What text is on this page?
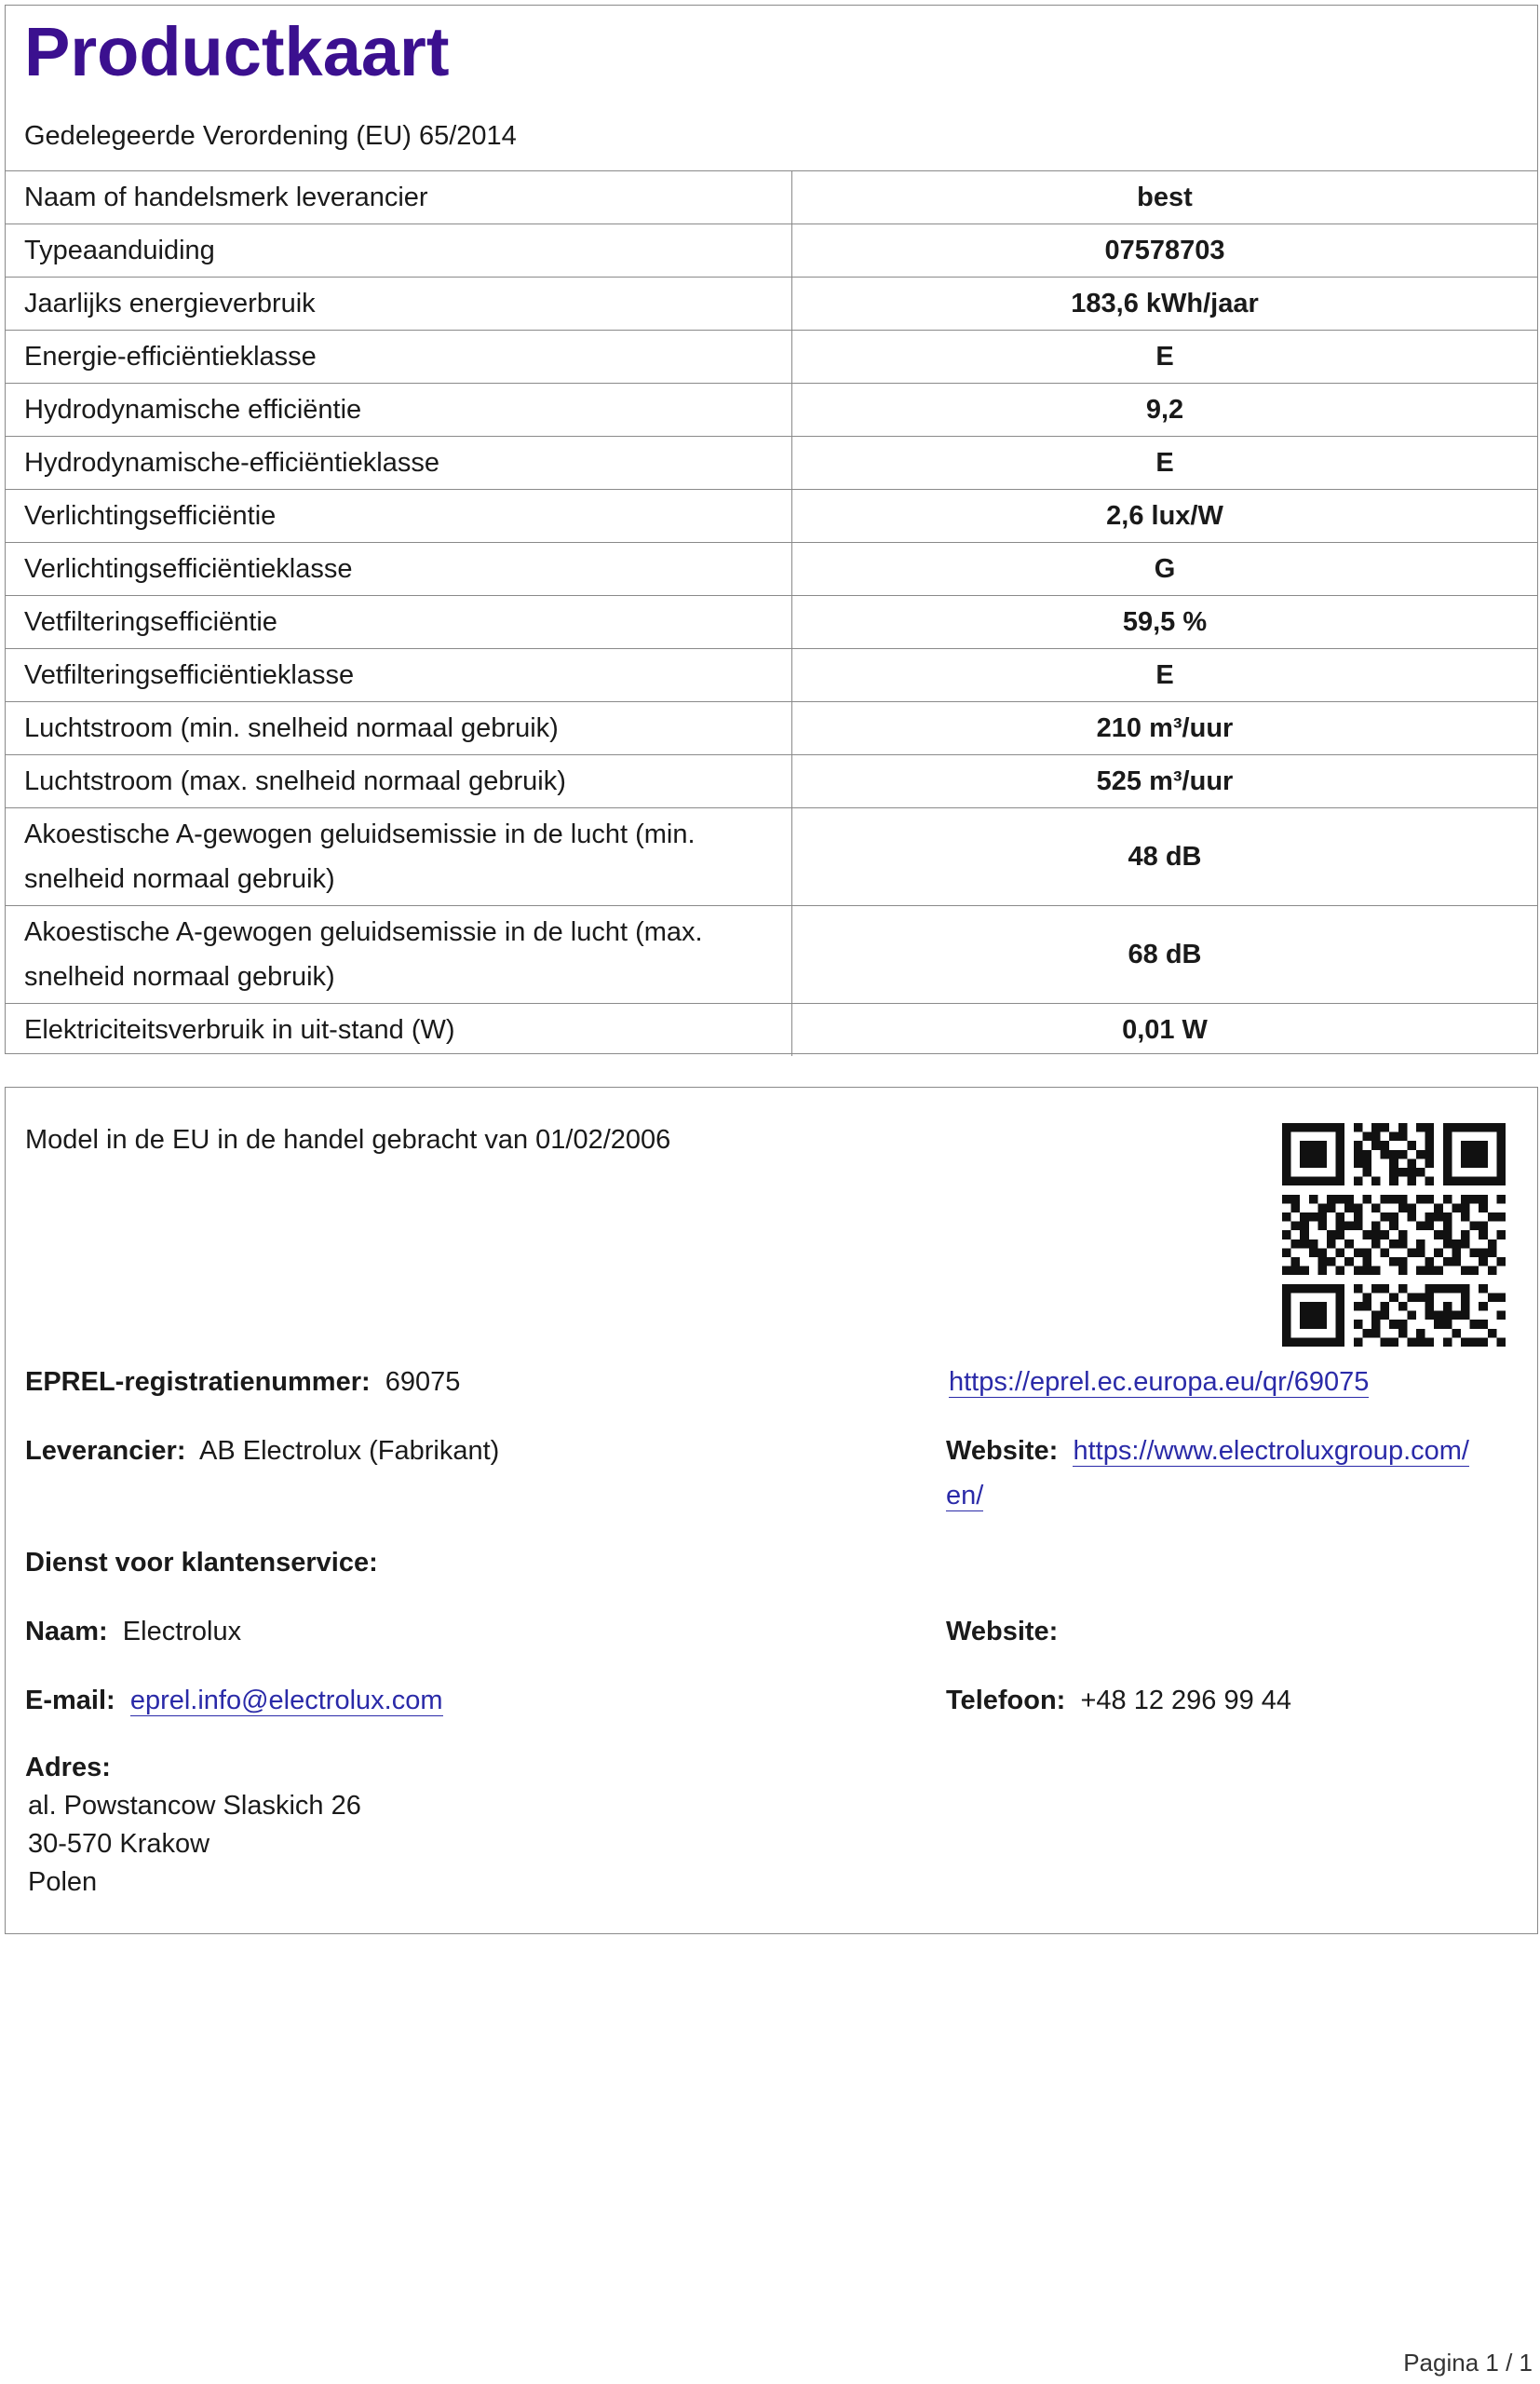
Productkaart
Gedelegeerde Verordening (EU) 65/2014
Naam of handelsmerk leverancier	best
Typeaanduiding	07578703
Jaarlijks energieverbruik	183,6 kWh/jaar
Energie-efficiëntieklasse	E
Hydrodynamische efficiëntie	9,2
Hydrodynamische-efficiëntieklasse	E
Verlichtingsefficiëntie	2,6 lux/W
Verlichtingsefficiëntieklasse	G
Vetfilteringsefficiëntie	59,5 %
Vetfilteringsefficiëntieklasse	E
Luchtstroom (min. snelheid normaal gebruik)	210 m³/uur
Luchtstroom (max. snelheid normaal gebruik)	525 m³/uur
Akoestische A-gewogen geluidsemissie in de lucht (min.
snelheid normaal gebruik)	48 dB
Akoestische A-gewogen geluidsemissie in de lucht (max.
snelheid normaal gebruik)	68 dB
Elektriciteitsverbruik in uit-stand (W)	0,01 W
Model in de EU in de handel gebracht van 01/02/2006
EPREL-registratienummer: 69075	https://eprel.ec.europa.eu/qr/69075
Leverancier: AB Electrolux (Fabrikant)	Website: https://www.electroluxgroup.com/
en/
Dienst voor klantenservice:
Naam: Electrolux	Website:
E-mail: eprel.info@electrolux.com	Telefoon: +48 12 296 99 44
Adres:
al. Powstancow Slaskich 26
30-570 Krakow
Polen
Pagina 1 / 1
